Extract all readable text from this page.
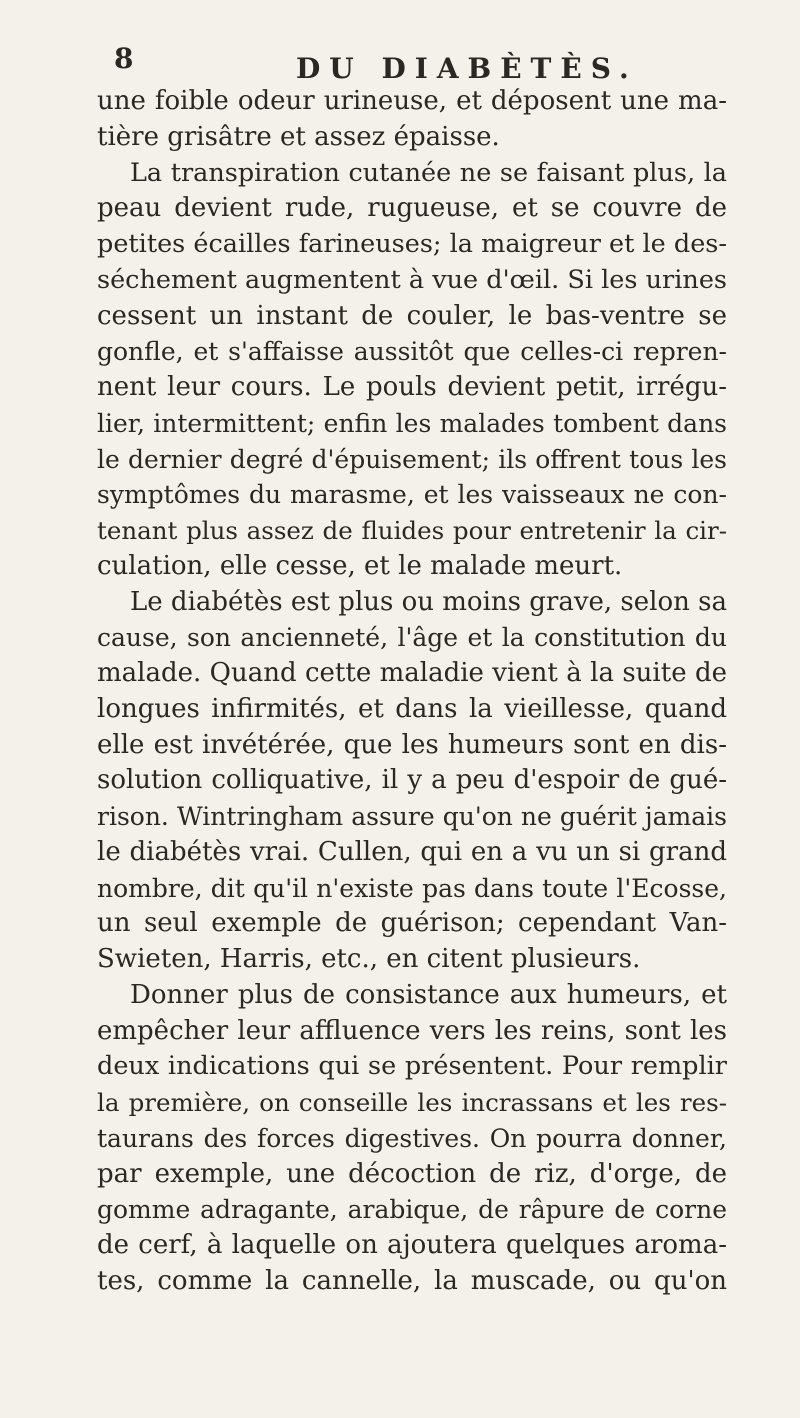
8	DU DIABÈTÈS.
une foible odeur urineuse, et déposent une ma-
tière grisâtre et assez épaisse.
La transpiration cutanée ne se faisant plus, la
peau devient rude, rugueuse, et se couvre de
petites écailles farineuses; la maigreur et le des-
séchement augmentent à vue d'œil. Si les urines
cessent un instant de couler, le bas-ventre se
gonfle, et s'affaisse aussitôt que celles-ci repren-
nent leur cours. Le pouls devient petit, irrégu-
lier, intermittent; enfin les malades tombent dans
le dernier degré d'épuisement; ils offrent tous les
symptômes du marasme, et les vaisseaux ne con-
tenant plus assez de fluides pour entretenir la cir-
culation, elle cesse, et le malade meurt.
Le diabétès est plus ou moins grave, selon sa
cause, son ancienneté, l'âge et la constitution du
malade. Quand cette maladie vient à la suite de
longues infirmités, et dans la vieillesse, quand
elle est invétérée, que les humeurs sont en dis-
solution colliquative, il y a peu d'espoir de gué-
rison. Wintringham assure qu'on ne guérit jamais
le diabétès vrai. Cullen, qui en a vu un si grand
nombre, dit qu'il n'existe pas dans toute l'Ecosse,
un seul exemple de guérison; cependant Van-
Swieten, Harris, etc., en citent plusieurs.
Donner plus de consistance aux humeurs, et
empêcher leur affluence vers les reins, sont les
deux indications qui se présentent. Pour remplir
la première, on conseille les incrassans et les res-
taurans des forces digestives. On pourra donner,
par exemple, une décoction de riz, d'orge, de
gomme adragante, arabique, de râpure de corne
de cerf, à laquelle on ajoutera quelques aroma-
tes, comme la cannelle, la muscade, ou qu'on
